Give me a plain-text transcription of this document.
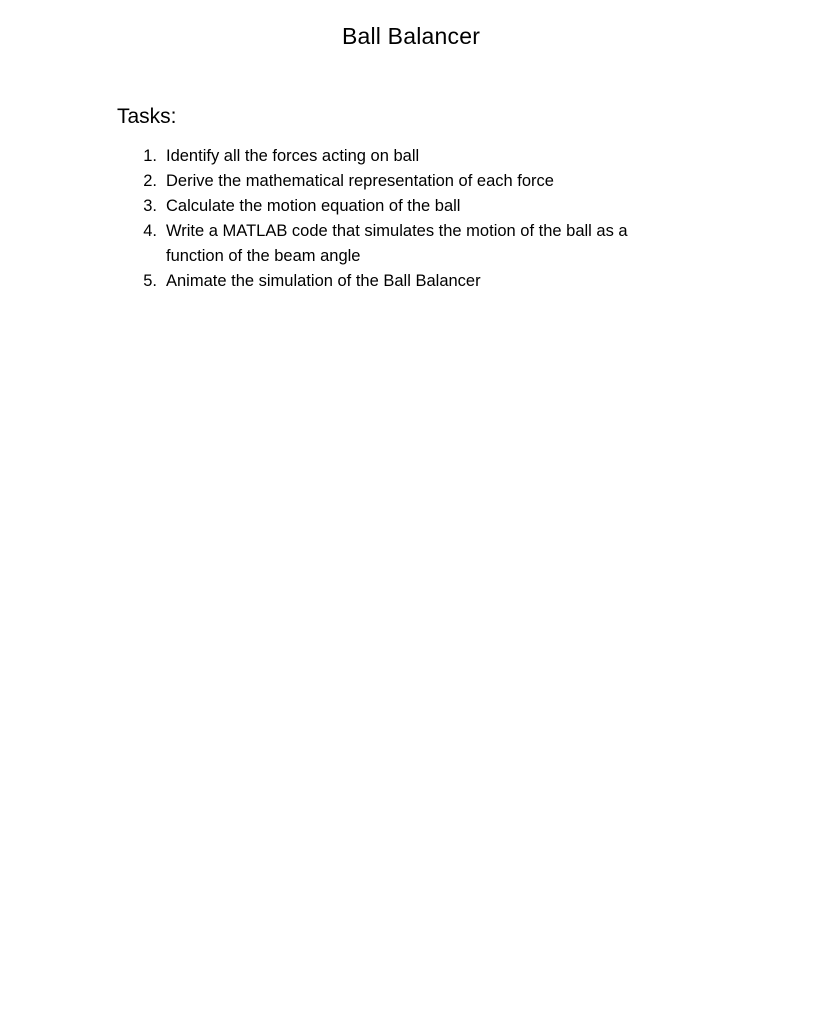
Ball Balancer
Tasks:
1. Identify all the forces acting on ball
2. Derive the mathematical representation of each force
3. Calculate the motion equation of the ball
4. Write a MATLAB code that simulates the motion of the ball as a function of the beam angle
5. Animate the simulation of the Ball Balancer
